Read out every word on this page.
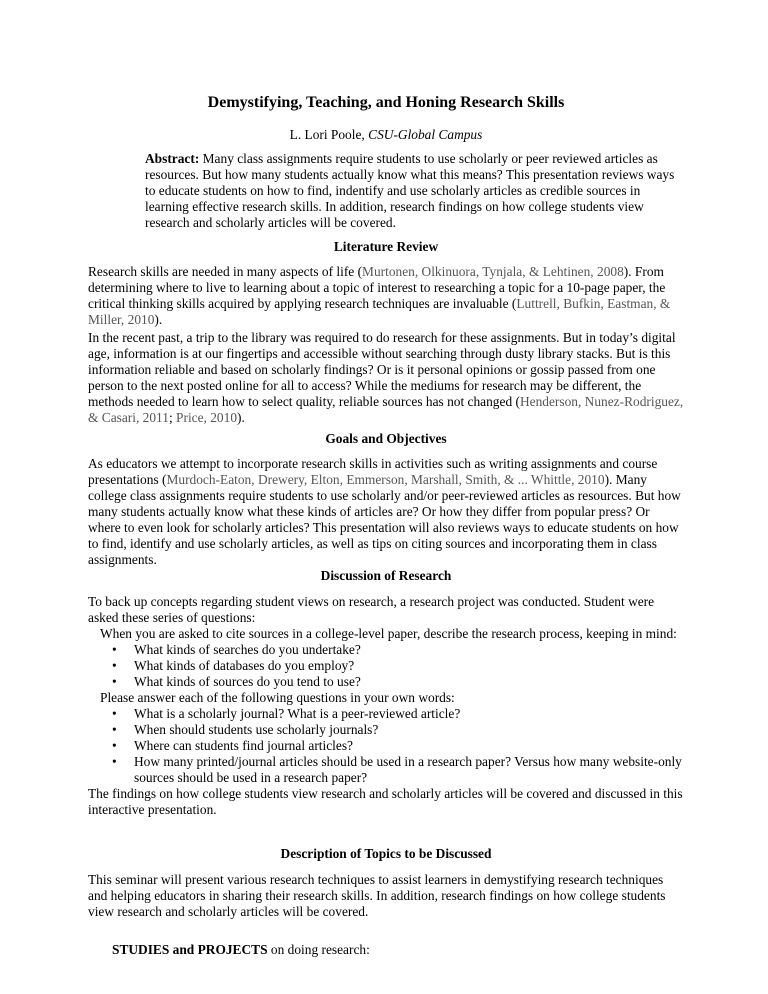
Demystifying, Teaching, and Honing Research Skills
L. Lori Poole, CSU-Global Campus
Abstract: Many class assignments require students to use scholarly or peer reviewed articles as resources. But how many students actually know what this means? This presentation reviews ways to educate students on how to find, indentify and use scholarly articles as credible sources in learning effective research skills. In addition, research findings on how college students view research and scholarly articles will be covered.
Literature Review
Research skills are needed in many aspects of life (Murtonen, Olkinuora, Tynjala, & Lehtinen, 2008). From determining where to live to learning about a topic of interest to researching a topic for a 10-page paper, the critical thinking skills acquired by applying research techniques are invaluable (Luttrell, Bufkin, Eastman, & Miller, 2010).
In the recent past, a trip to the library was required to do research for these assignments. But in today’s digital age, information is at our fingertips and accessible without searching through dusty library stacks. But is this information reliable and based on scholarly findings? Or is it personal opinions or gossip passed from one person to the next posted online for all to access? While the mediums for research may be different, the methods needed to learn how to select quality, reliable sources has not changed (Henderson, Nunez-Rodriguez, & Casari, 2011; Price, 2010).
Goals and Objectives
As educators we attempt to incorporate research skills in activities such as writing assignments and course presentations (Murdoch-Eaton, Drewery, Elton, Emmerson, Marshall, Smith, & ... Whittle, 2010). Many college class assignments require students to use scholarly and/or peer-reviewed articles as resources. But how many students actually know what these kinds of articles are? Or how they differ from popular press? Or where to even look for scholarly articles? This presentation will also reviews ways to educate students on how to find, identify and use scholarly articles, as well as tips on citing sources and incorporating them in class assignments.
Discussion of Research
To back up concepts regarding student views on research, a research project was conducted. Student were asked these series of questions:
When you are asked to cite sources in a college-level paper, describe the research process, keeping in mind:
• What kinds of searches do you undertake?
• What kinds of databases do you employ?
• What kinds of sources do you tend to use?
Please answer each of the following questions in your own words:
• What is a scholarly journal? What is a peer-reviewed article?
• When should students use scholarly journals?
• Where can students find journal articles?
• How many printed/journal articles should be used in a research paper? Versus how many website-only sources should be used in a research paper?
The findings on how college students view research and scholarly articles will be covered and discussed in this interactive presentation.
Description of Topics to be Discussed
This seminar will present various research techniques to assist learners in demystifying research techniques and helping educators in sharing their research skills. In addition, research findings on how college students view research and scholarly articles will be covered.
STUDIES and PROJECTS on doing research:
